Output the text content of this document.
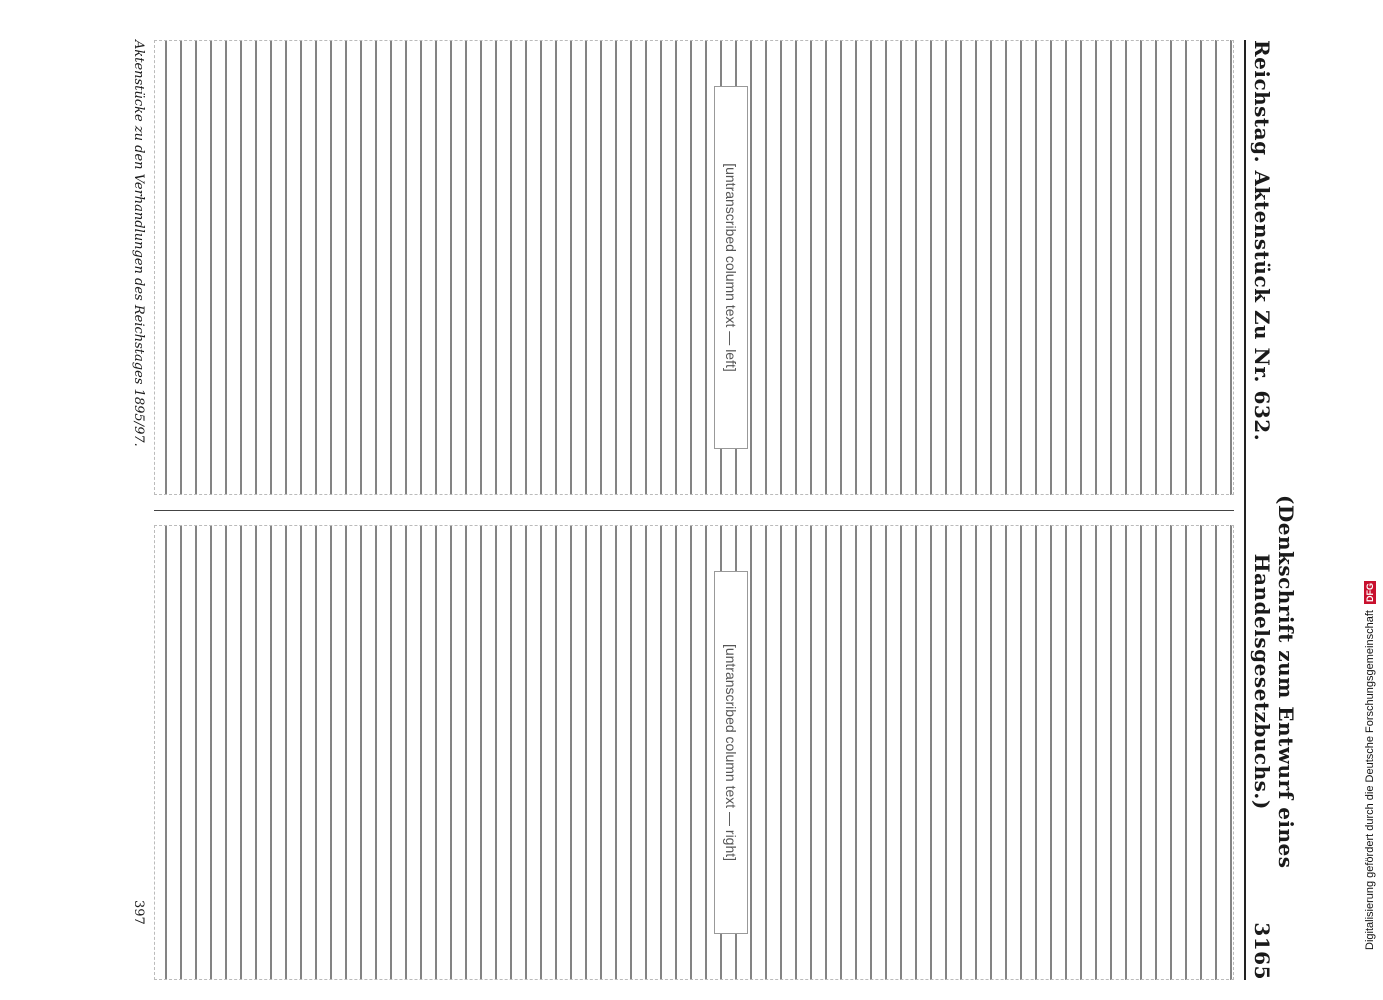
Reichstag. Aktenstück Zu Nr. 632.
(Denkschrift zum Entwurf eines Handelsgesetzbuchs.)
3165
[untranscribed column text — left]
[untranscribed column text — right]
Aktenstücke zu den Verhandlungen des Reichstages 1895/97.
397	Digitalisierung gefördert durch die Deutsche Forschungsgemeinschaft
DFG
